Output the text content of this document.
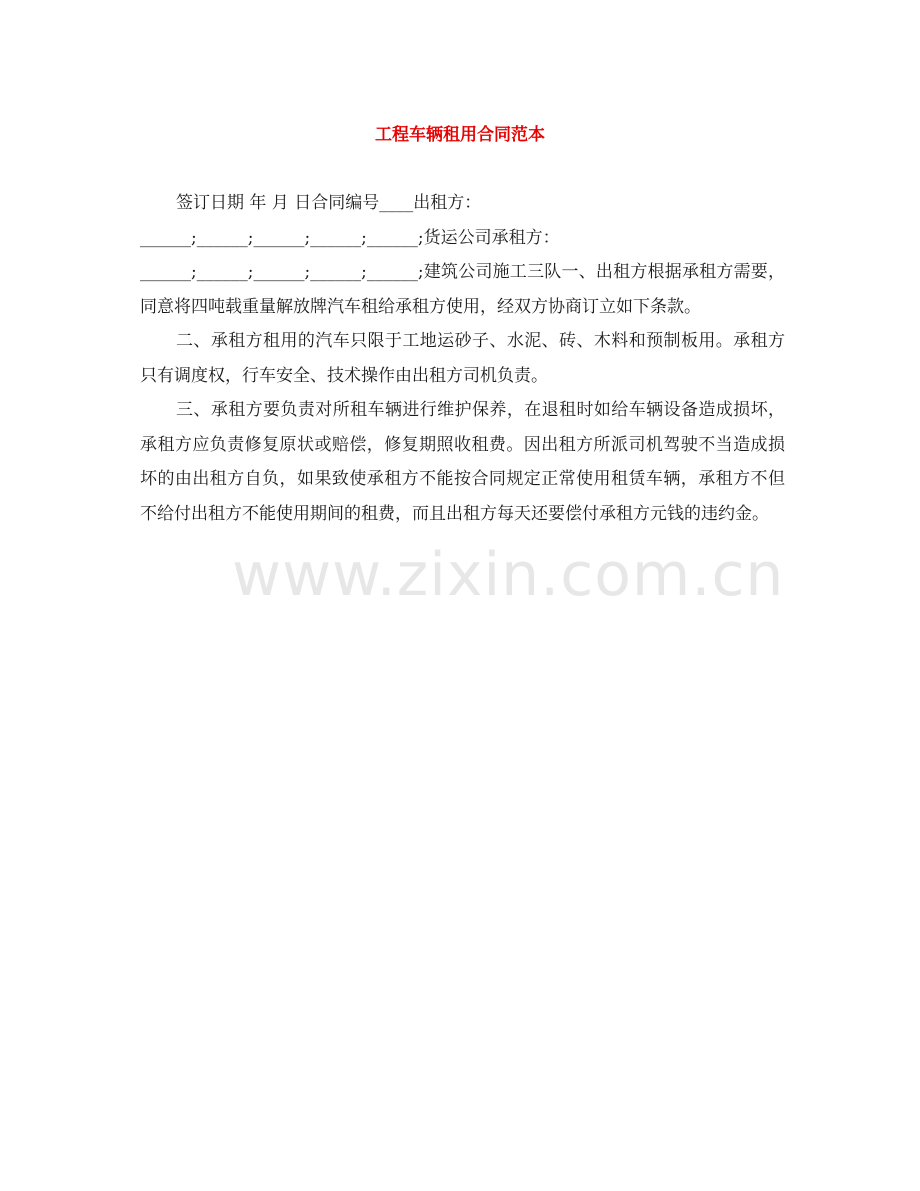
工程车辆租用合同范本

签订日期 年 月 日合同编号____出租方：

______;______;______;______;______;货运公司承租方：

______;______;______;______;______;建筑公司施工三队一、出租方根据承租方需要，同意将四吨载重量解放牌汽车租给承租方使用，经双方协商订立如下条款。

二、承租方租用的汽车只限于工地运砂子、水泥、砖、木料和预制板用。承租方只有调度权，行车安全、技术操作由出租方司机负责。

三、承租方要负责对所租车辆进行维护保养，在退租时如给车辆设备造成损坏，承租方应负责修复原状或赔偿，修复期照收租费。因出租方所派司机驾驶不当造成损坏的由出租方自负，如果致使承租方不能按合同规定正常使用租赁车辆，承租方不但不给付出租方不能使用期间的租费，而且出租方每天还要偿付承租方元钱的违约金。

www.zixin.com.cn
